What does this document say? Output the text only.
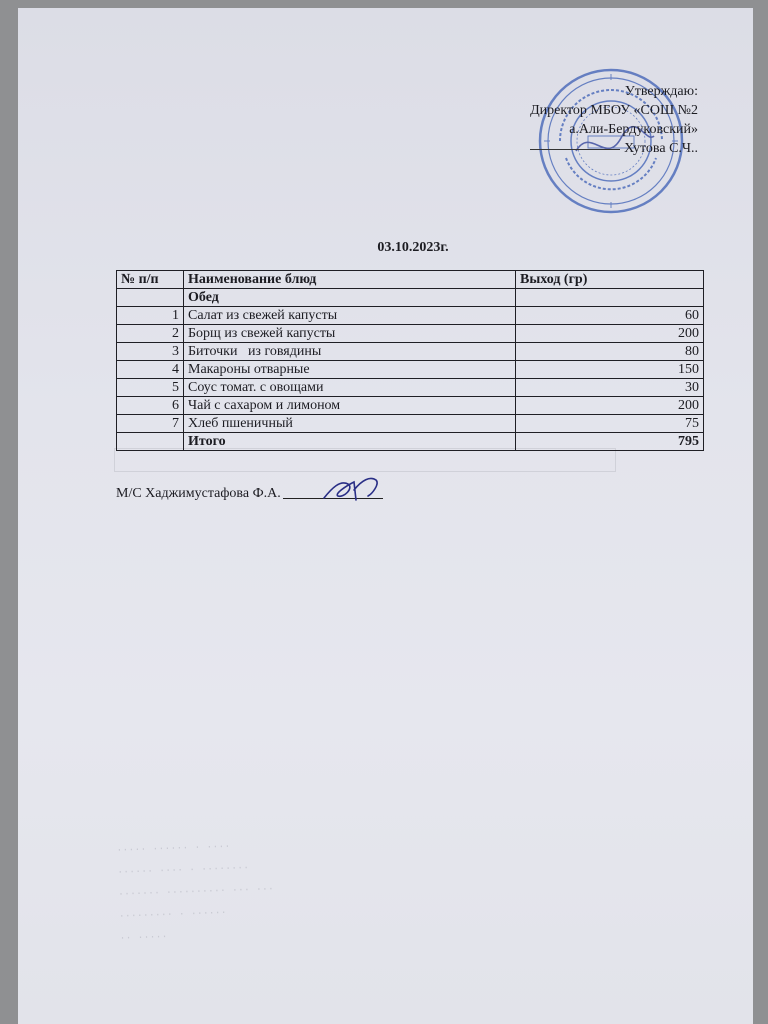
····· ······ · ····
······ ···· · ········
······· ·········· ··· ···
········· · ······
·· ·····
Утверждаю:
Директор МБОУ «СОШ №2
а.Али-Бердуковский»
Хутова С.Ч..
03.10.2023г.
№ п/п	Наименование блюд	Выход (гр)
	Обед	
1	Салат из свежей капусты	60
2	Борщ из свежей капусты	200
3	Биточки   из говядины	80
4	Макароны отварные	150
5	Соус томат. с овощами	30
6	Чай с сахаром и лимоном	200
7	Хлеб пшеничный	75
	Итого	795
М/С Хаджимустафова Ф.А.
